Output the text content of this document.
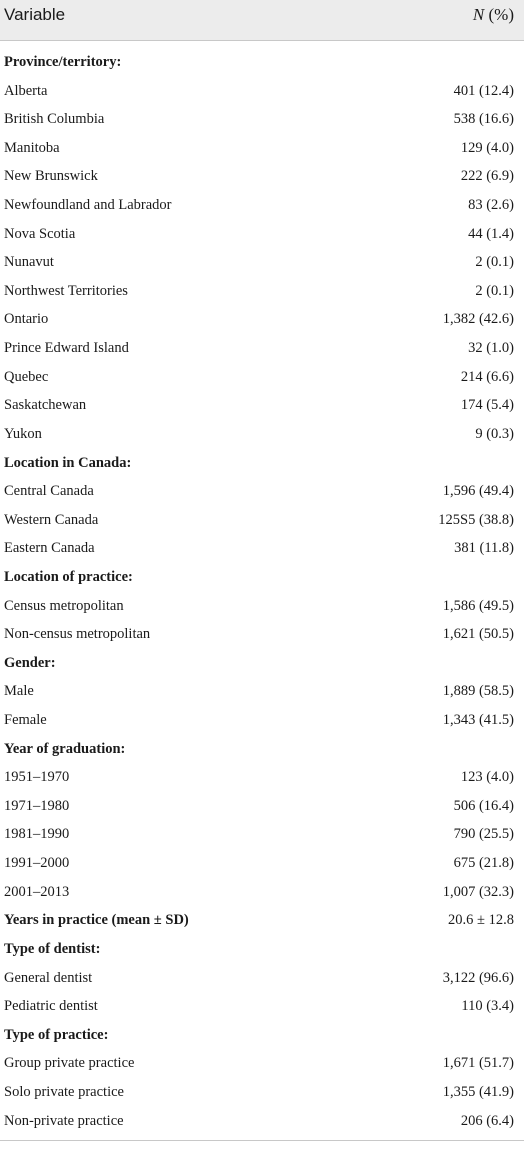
Variable	N (%)
Province/territory:
Alberta	401 (12.4)
British Columbia	538 (16.6)
Manitoba	129 (4.0)
New Brunswick	222 (6.9)
Newfoundland and Labrador	83 (2.6)
Nova Scotia	44 (1.4)
Nunavut	2 (0.1)
Northwest Territories	2 (0.1)
Ontario	1,382 (42.6)
Prince Edward Island	32 (1.0)
Quebec	214 (6.6)
Saskatchewan	174 (5.4)
Yukon	9 (0.3)
Location in Canada:
Central Canada	1,596 (49.4)
Western Canada	125S5 (38.8)
Eastern Canada	381 (11.8)
Location of practice:
Census metropolitan	1,586 (49.5)
Non-census metropolitan	1,621 (50.5)
Gender:
Male	1,889 (58.5)
Female	1,343 (41.5)
Year of graduation:
1951–1970	123 (4.0)
1971–1980	506 (16.4)
1981–1990	790 (25.5)
1991–2000	675 (21.8)
2001–2013	1,007 (32.3)
Years in practice (mean ± SD)	20.6 ± 12.8
Type of dentist:
General dentist	3,122 (96.6)
Pediatric dentist	110 (3.4)
Type of practice:
Group private practice	1,671 (51.7)
Solo private practice	1,355 (41.9)
Non-private practice	206 (6.4)
